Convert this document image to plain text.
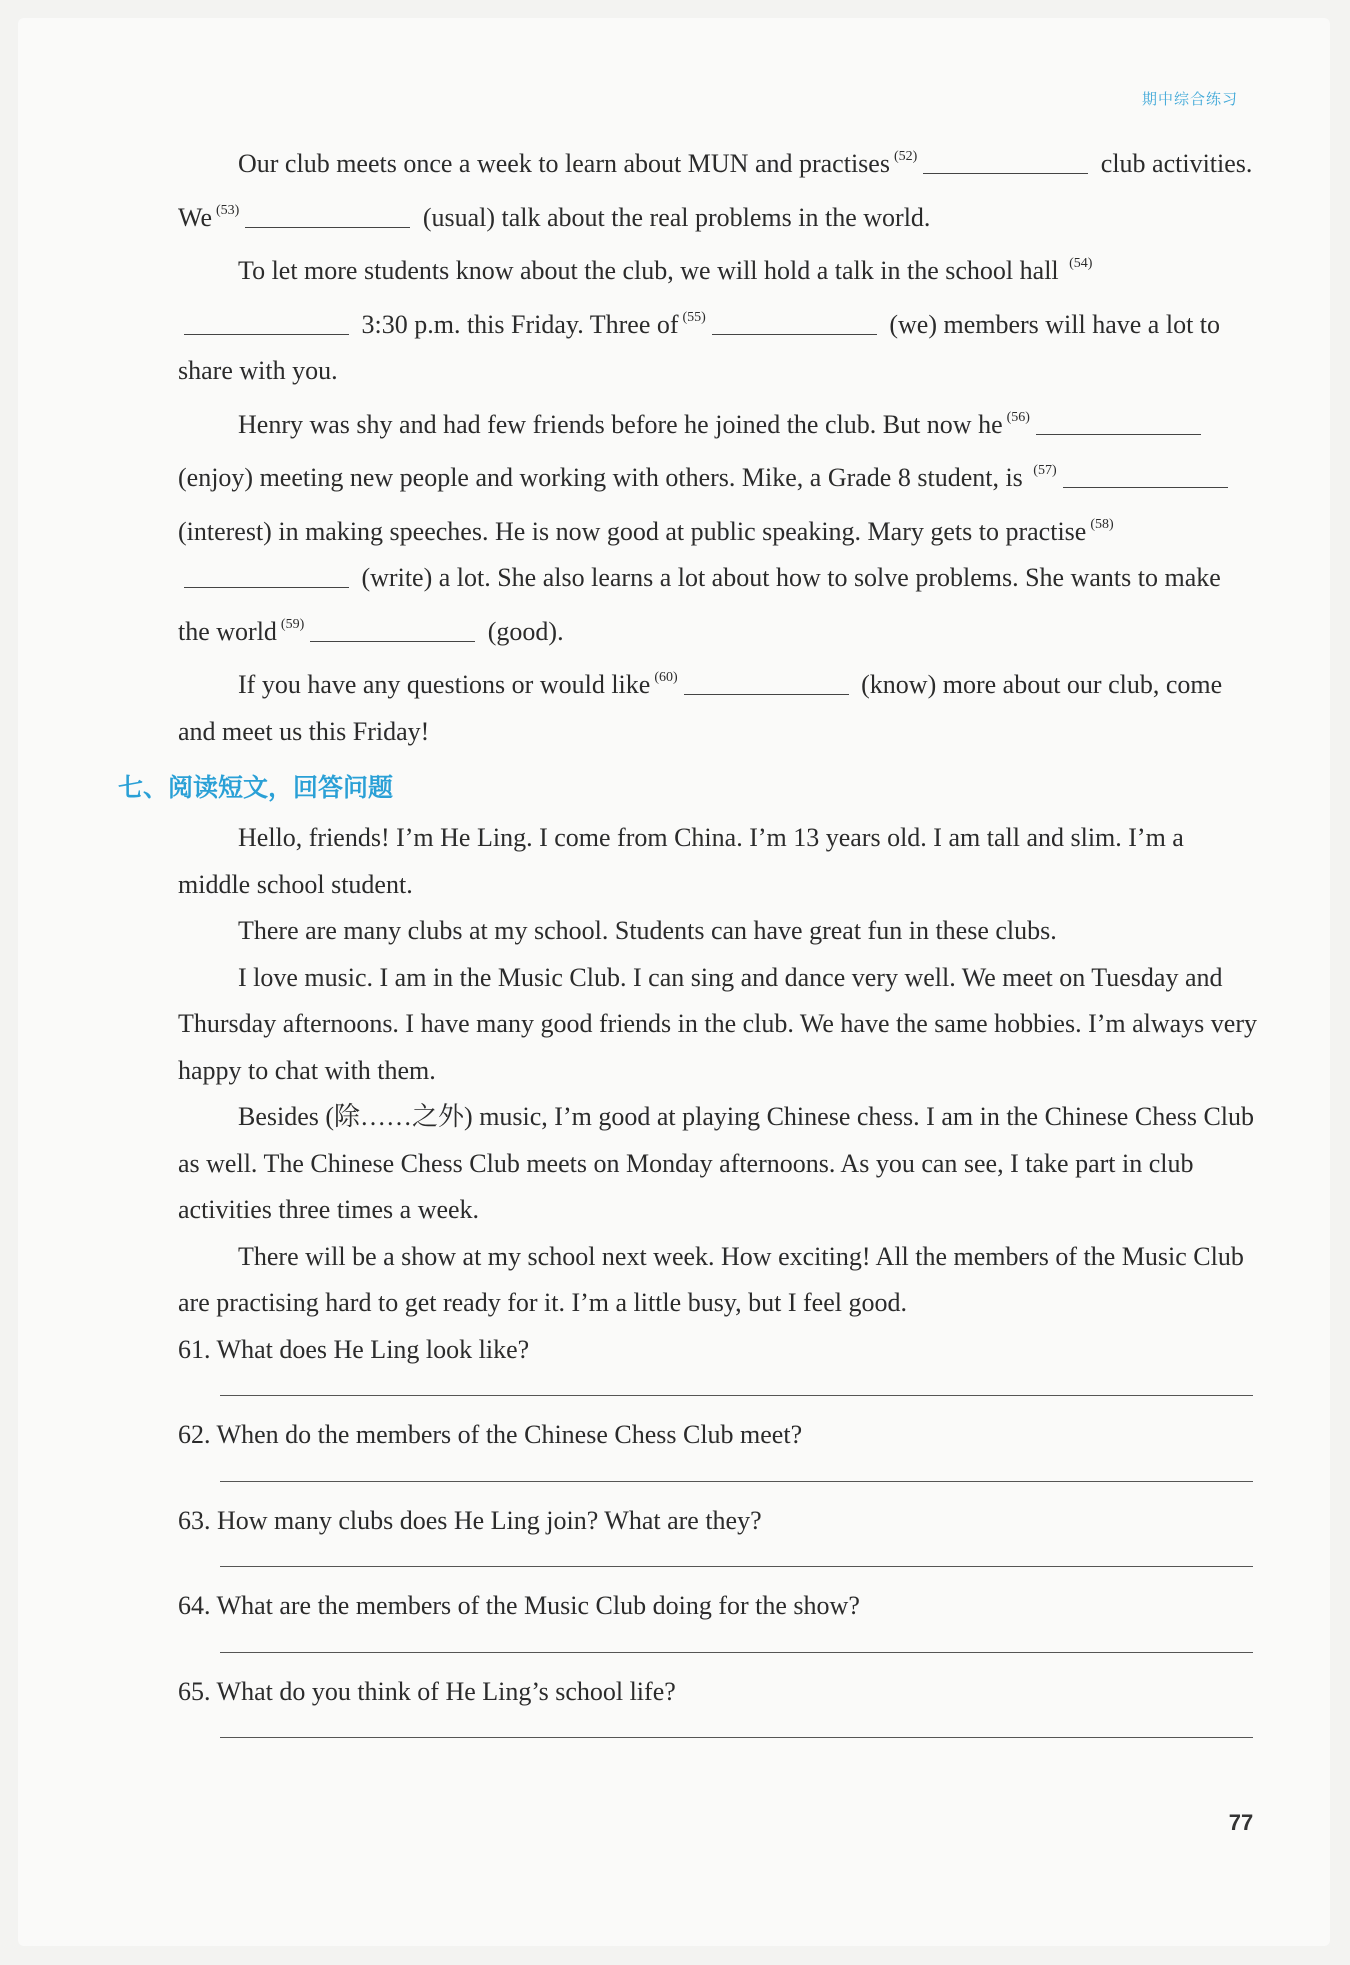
期中综合练习

Our club meets once a week to learn about MUN and practises $^{(52)}$	club activities. We $^{(53)}$	(usual) talk about the real problems in the world.

To let more students know about the club, we will hold a talk in the school hall $^{(54)}$ 3:30 p.m. this Friday. Three of $^{(55)}$	(we) members will have a lot to share with you.

Henry was shy and had few friends before he joined the club. But now he $^{(56)}$ (enjoy) meeting new people and working with others. Mike, a Grade 8 student, is $^{(57)}$ (interest) in making speeches. He is now good at public speaking. Mary gets to practise $^{(58)}$ (write) a lot. She also learns a lot about how to solve problems. She wants to make the world $^{(59)}$	(good).

If you have any questions or would like $^{(60)}$	(know) more about our club, come and meet us this Friday!

七、阅读短文，回答问题

Hello, friends! I’m He Ling. I come from China. I’m 13 years old. I am tall and slim. I’m a middle school student.

There are many clubs at my school. Students can have great fun in these clubs.

I love music. I am in the Music Club. I can sing and dance very well. We meet on Tuesday and Thursday afternoons. I have many good friends in the club. We have the same hobbies. I’m always very happy to chat with them.

Besides (除……之外) music, I’m good at playing Chinese chess. I am in the Chinese Chess Club as well. The Chinese Chess Club meets on Monday afternoons. As you can see, I take part in club activities three times a week.

There will be a show at my school next week. How exciting! All the members of the Music Club are practising hard to get ready for it. I’m a little busy, but I feel good.

61. What does He Ling look like?

62. When do the members of the Chinese Chess Club meet?

63. How many clubs does He Ling join? What are they?

64. What are the members of the Music Club doing for the show?

65. What do you think of He Ling’s school life?

77
